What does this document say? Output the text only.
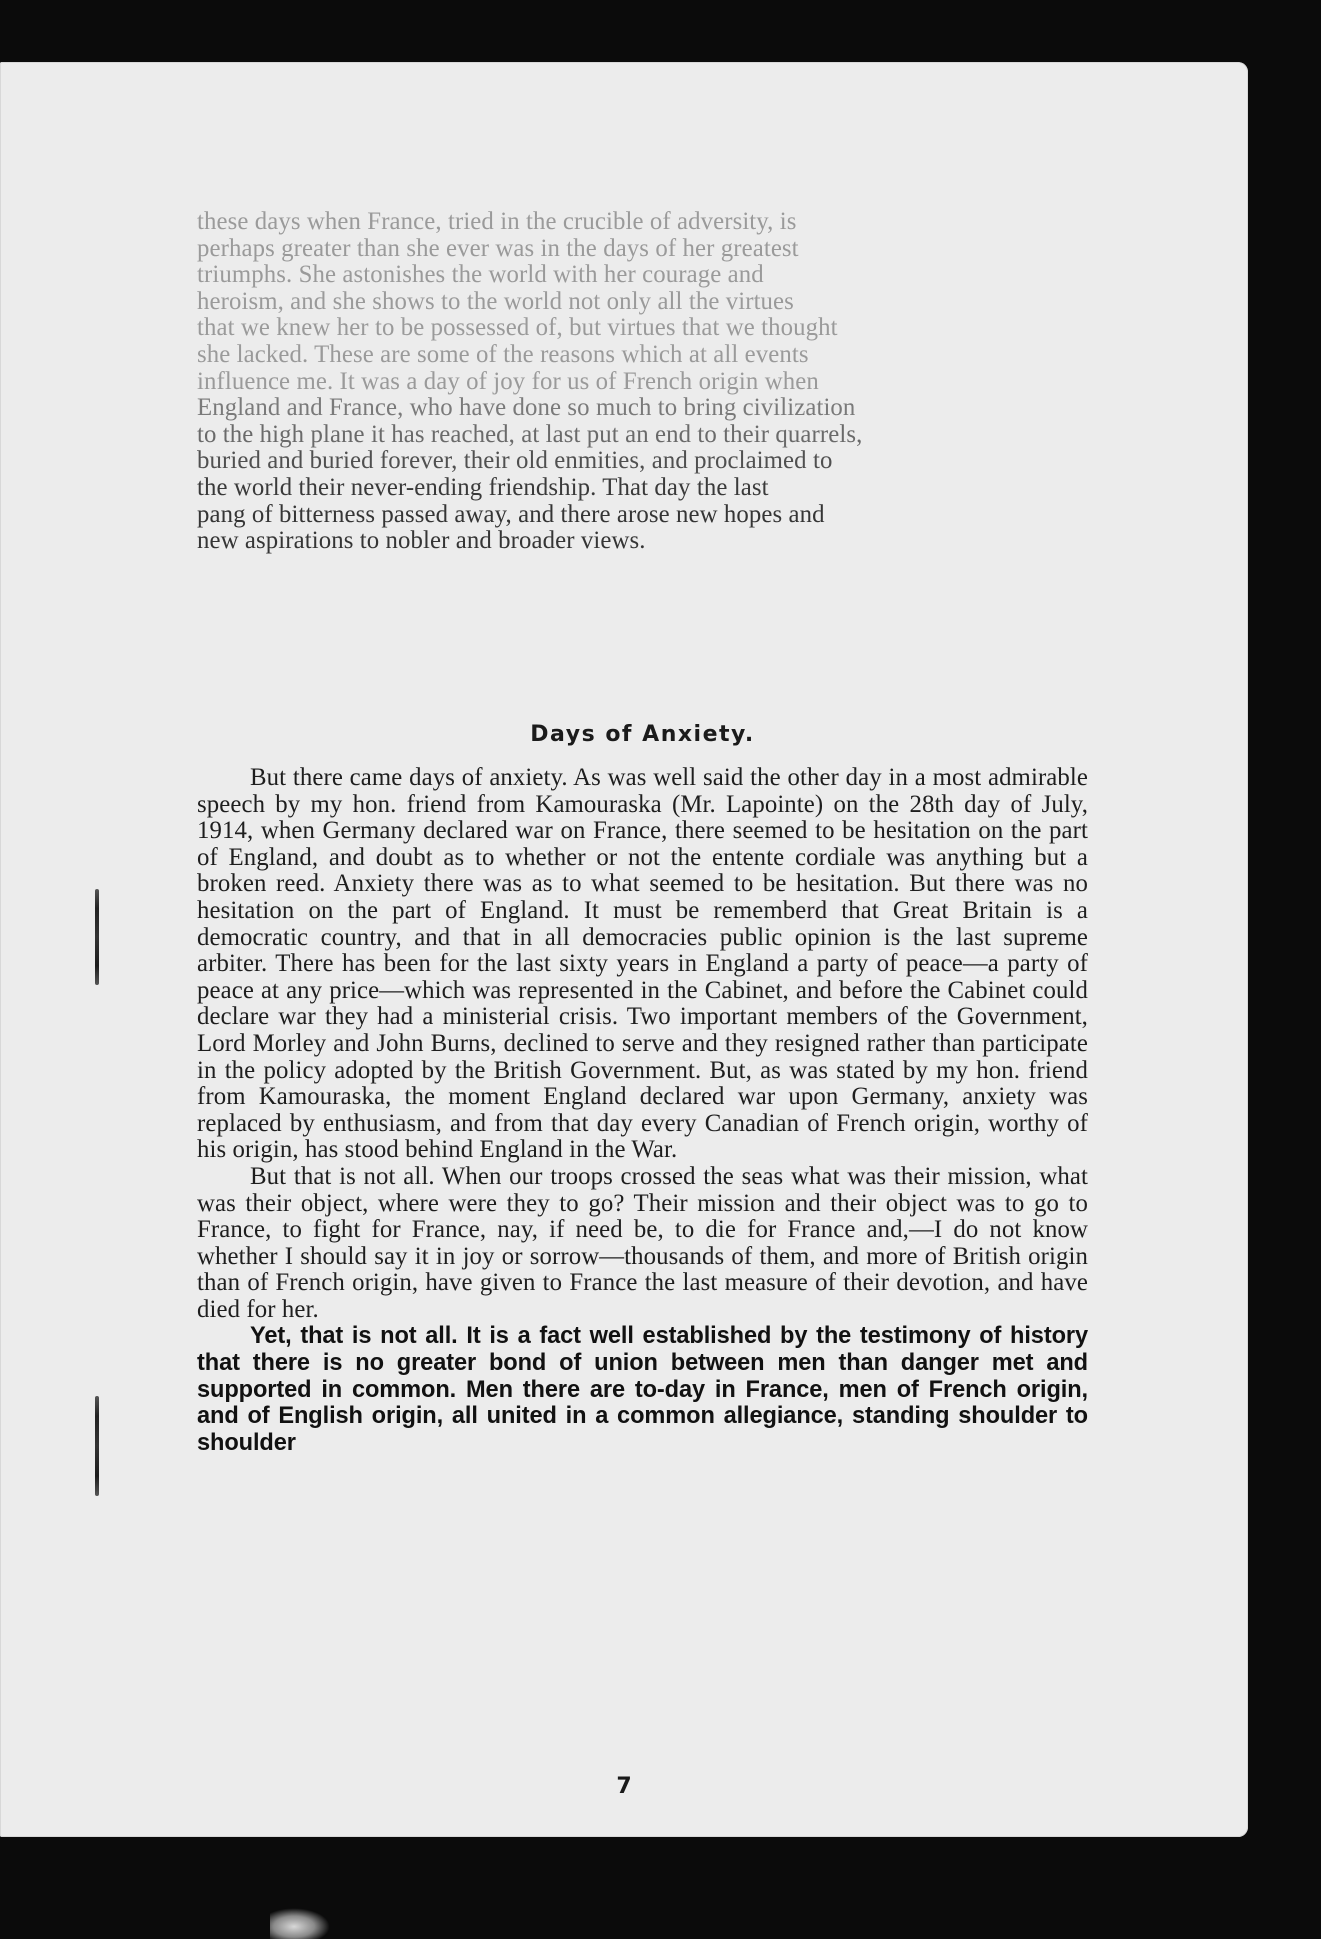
these days when France, tried in the crucible of adversity, is

perhaps greater than she ever was in the days of her greatest

triumphs. She astonishes the world with her courage and

heroism, and she shows to the world not only all the virtues

that we knew her to be possessed of, but virtues that we thought

she lacked. These are some of the reasons which at all events

influence me. It was a day of joy for us of French origin when

England and France, who have done so much to bring civilization

to the high plane it has reached, at last put an end to their quarrels,

buried and buried forever, their old enmities, and proclaimed to

the world their never-ending friendship. That day the last

pang of bitterness passed away, and there arose new hopes and

new aspirations to nobler and broader views.

Days of Anxiety.

But there came days of anxiety. As was well said the other day in a most admirable speech by my hon. friend from Kamouraska (Mr. Lapointe) on the 28th day of July, 1914, when Germany declared war on France, there seemed to be hesitation on the part of England, and doubt as to whether or not the entente cordiale was anything but a broken reed. Anxiety there was as to what seemed to be hesitation. But there was no hesitation on the part of England. It must be rememberd that Great Britain is a democratic country, and that in all democracies public opinion is the last supreme arbiter. There has been for the last sixty years in England a party of peace—a party of peace at any price—which was represented in the Cabinet, and before the Cabinet could declare war they had a ministerial crisis. Two important members of the Government, Lord Morley and John Burns, declined to serve and they resigned rather than participate in the policy adopted by the British Government. But, as was stated by my hon. friend from Kamouraska, the moment England declared war upon Germany, anxiety was replaced by enthusiasm, and from that day every Canadian of French origin, worthy of his origin, has stood behind England in the War.

But that is not all. When our troops crossed the seas what was their mission, what was their object, where were they to go? Their mission and their object was to go to France, to fight for France, nay, if need be, to die for France and,—I do not know whether I should say it in joy or sorrow—thousands of them, and more of British origin than of French origin, have given to France the last measure of their devotion, and have died for her.

Yet, that is not all. It is a fact well established by the testimony of history that there is no greater bond of union between men than danger met and supported in common. Men there are to-day in France, men of French origin, and of English origin, all united in a common allegiance, standing shoulder to shoulder

7
